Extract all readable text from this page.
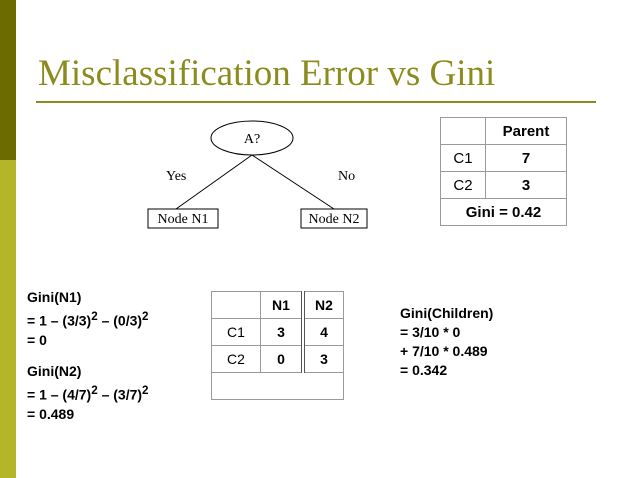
Misclassification Error vs Gini
A?
Yes	No
Node N1	Node N2
	Parent
C1	7
C2	3
Gini = 0.42	
	N1	N2
C1	3	4
C2	0	3

Gini(N1)
= $1 - (3/3)^2 - (0/3)^2$
= 0
Gini(N2)
= $1 - (4/7)^2 - (3/7)^2$
= 0.489
Gini(Children)
= 3/10 * 0
+ 7/10 * 0.489
= 0.342
